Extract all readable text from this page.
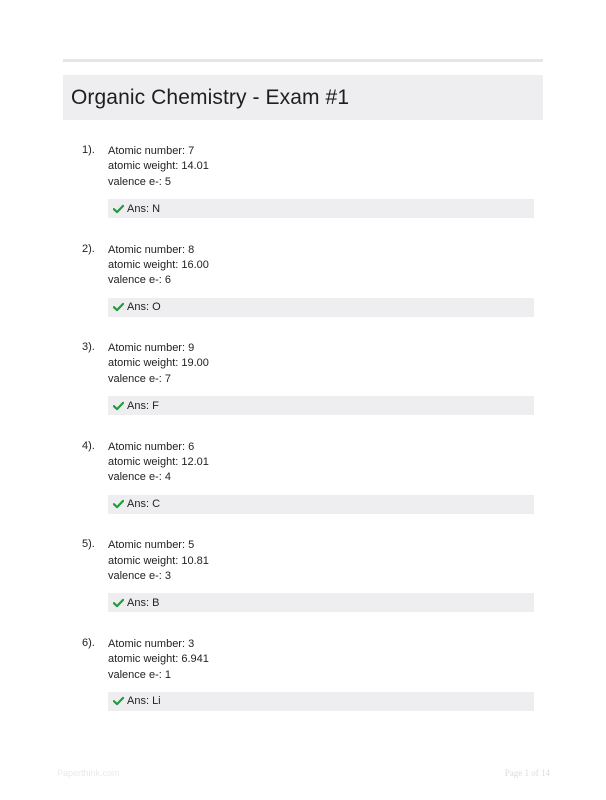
Organic Chemistry - Exam #1
1). Atomic number: 7
atomic weight: 14.01
valence e-: 5
Ans: N
2). Atomic number: 8
atomic weight: 16.00
valence e-: 6
Ans: O
3). Atomic number: 9
atomic weight: 19.00
valence e-: 7
Ans: F
4). Atomic number: 6
atomic weight: 12.01
valence e-: 4
Ans: C
5). Atomic number: 5
atomic weight: 10.81
valence e-: 3
Ans: B
6). Atomic number: 3
atomic weight: 6.941
valence e-: 1
Ans: Li
Paperthink.com	Page 1 of 14
